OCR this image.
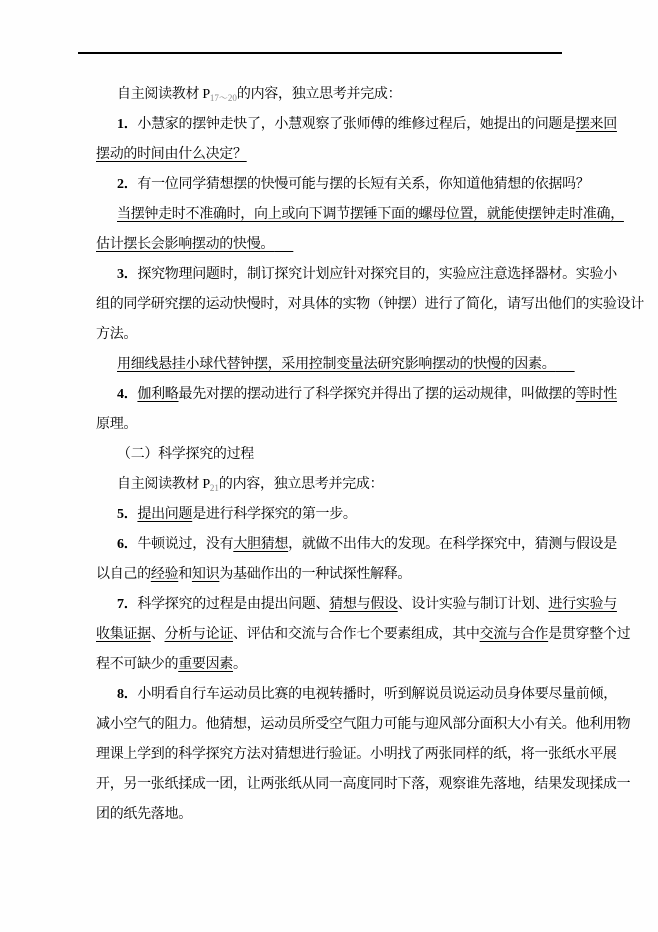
自主阅读教材 $P_{17\sim 20}$的内容，独立思考并完成：
1．小慧家的摆钟走快了，小慧观察了张师傅的维修过程后，她提出的问题是摆来回
摆动的时间由什么决定？
2．有一位同学猜想摆的快慢可能与摆的长短有关系，你知道他猜想的依据吗？
当摆钟走时不准确时，向上或向下调节摆锤下面的螺母位置，就能使摆钟走时准确，
估计摆长会影响摆动的快慢。
3．探究物理问题时，制订探究计划应针对探究目的，实验应注意选择器材。实验小
组的同学研究摆的运动快慢时，对具体的实物（钟摆）进行了简化，请写出他们的实验设计
方法。
用细线悬挂小球代替钟摆，采用控制变量法研究影响摆动的快慢的因素。
4．伽利略最先对摆的摆动进行了科学探究并得出了摆的运动规律，叫做摆的等时性
原理。
（二）科学探究的过程
自主阅读教材 $P_{21}$的内容，独立思考并完成：
5．提出问题是进行科学探究的第一步。
6．牛顿说过，没有大胆猜想，就做不出伟大的发现。在科学探究中，猜测与假设是
以自己的经验和知识为基础作出的一种试探性解释。
7．科学探究的过程是由提出问题、猜想与假设、设计实验与制订计划、进行实验与
收集证据、分析与论证、评估和交流与合作七个要素组成，其中交流与合作是贯穿整个过
程不可缺少的重要因素。
8．小明看自行车运动员比赛的电视转播时，听到解说员说运动员身体要尽量前倾，
减小空气的阻力。他猜想，运动员所受空气阻力可能与迎风部分面积大小有关。他利用物
理课上学到的科学探究方法对猜想进行验证。小明找了两张同样的纸，将一张纸水平展
开，另一张纸揉成一团，让两张纸从同一高度同时下落，观察谁先落地，结果发现揉成一
团的纸先落地。
